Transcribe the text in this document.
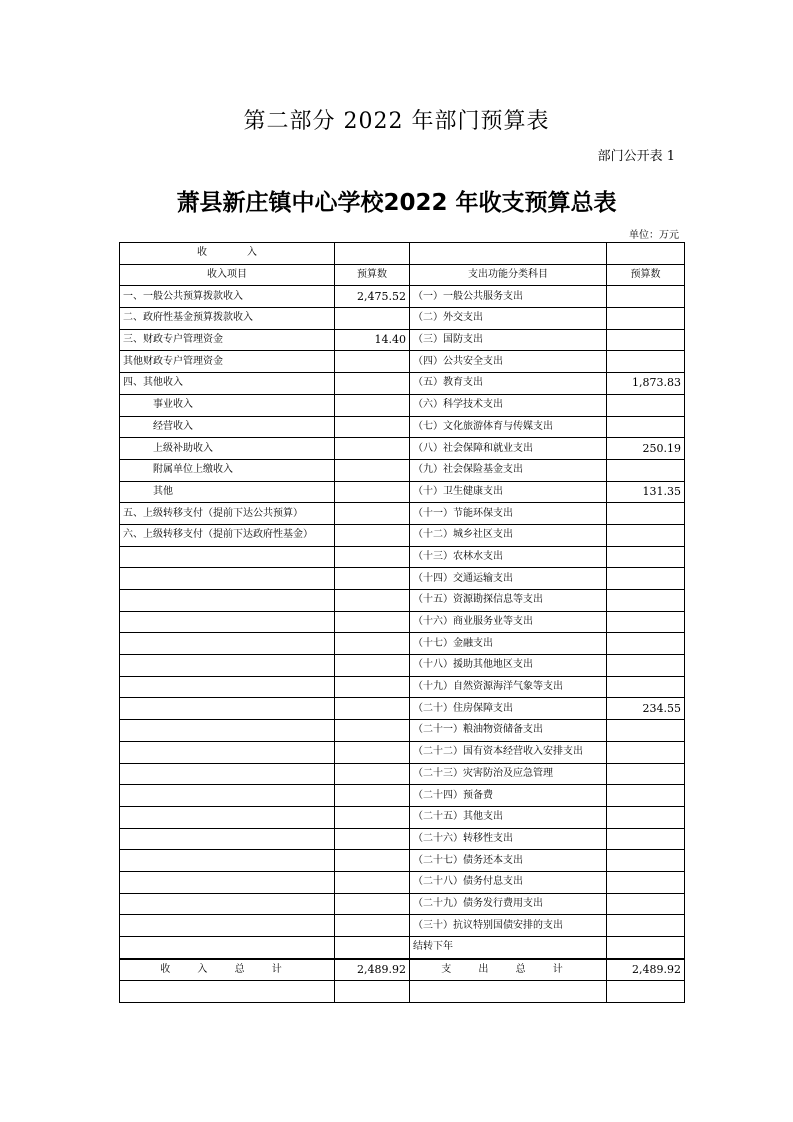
第二部分 2022 年部门预算表
部门公开表 1
萧县新庄镇中心学校2022 年收支预算总表
单位：万元
收　　　　入			
收入项目	预算数	支出功能分类科目	预算数
一、一般公共预算拨款收入	2,475.52	（一）一般公共服务支出	
二、政府性基金预算拨款收入		（二）外交支出	
三、财政专户管理资金	14.40	（三）国防支出	
其他财政专户管理资金		（四）公共安全支出	
四、其他收入		（五）教育支出	1,873.83
事业收入		（六）科学技术支出	
经营收入		（七）文化旅游体育与传媒支出	
上级补助收入		（八）社会保障和就业支出	250.19
附属单位上缴收入		（九）社会保险基金支出	
其他		（十）卫生健康支出	131.35
五、上级转移支付（提前下达公共预算）		（十一）节能环保支出	
六、上级转移支付（提前下达政府性基金）		（十二）城乡社区支出	
		（十三）农林水支出	
		（十四）交通运输支出	
		（十五）资源勘探信息等支出	
		（十六）商业服务业等支出	
		（十七）金融支出	
		（十八）援助其他地区支出	
		（十九）自然资源海洋气象等支出	
		（二十）住房保障支出	234.55
		（二十一）粮油物资储备支出	
		（二十二）国有资本经营收入安排支出	
		（二十三）灾害防治及应急管理	
		（二十四）预备费	
		（二十五）其他支出	
		（二十六）转移性支出	
		（二十七）债务还本支出	
		（二十八）债务付息支出	
		（二十九）债务发行费用支出	
		（三十）抗议特别国债安排的支出	
		结转下年	
收 入 总 计	2,489.92	支 出 总 计	2,489.92
